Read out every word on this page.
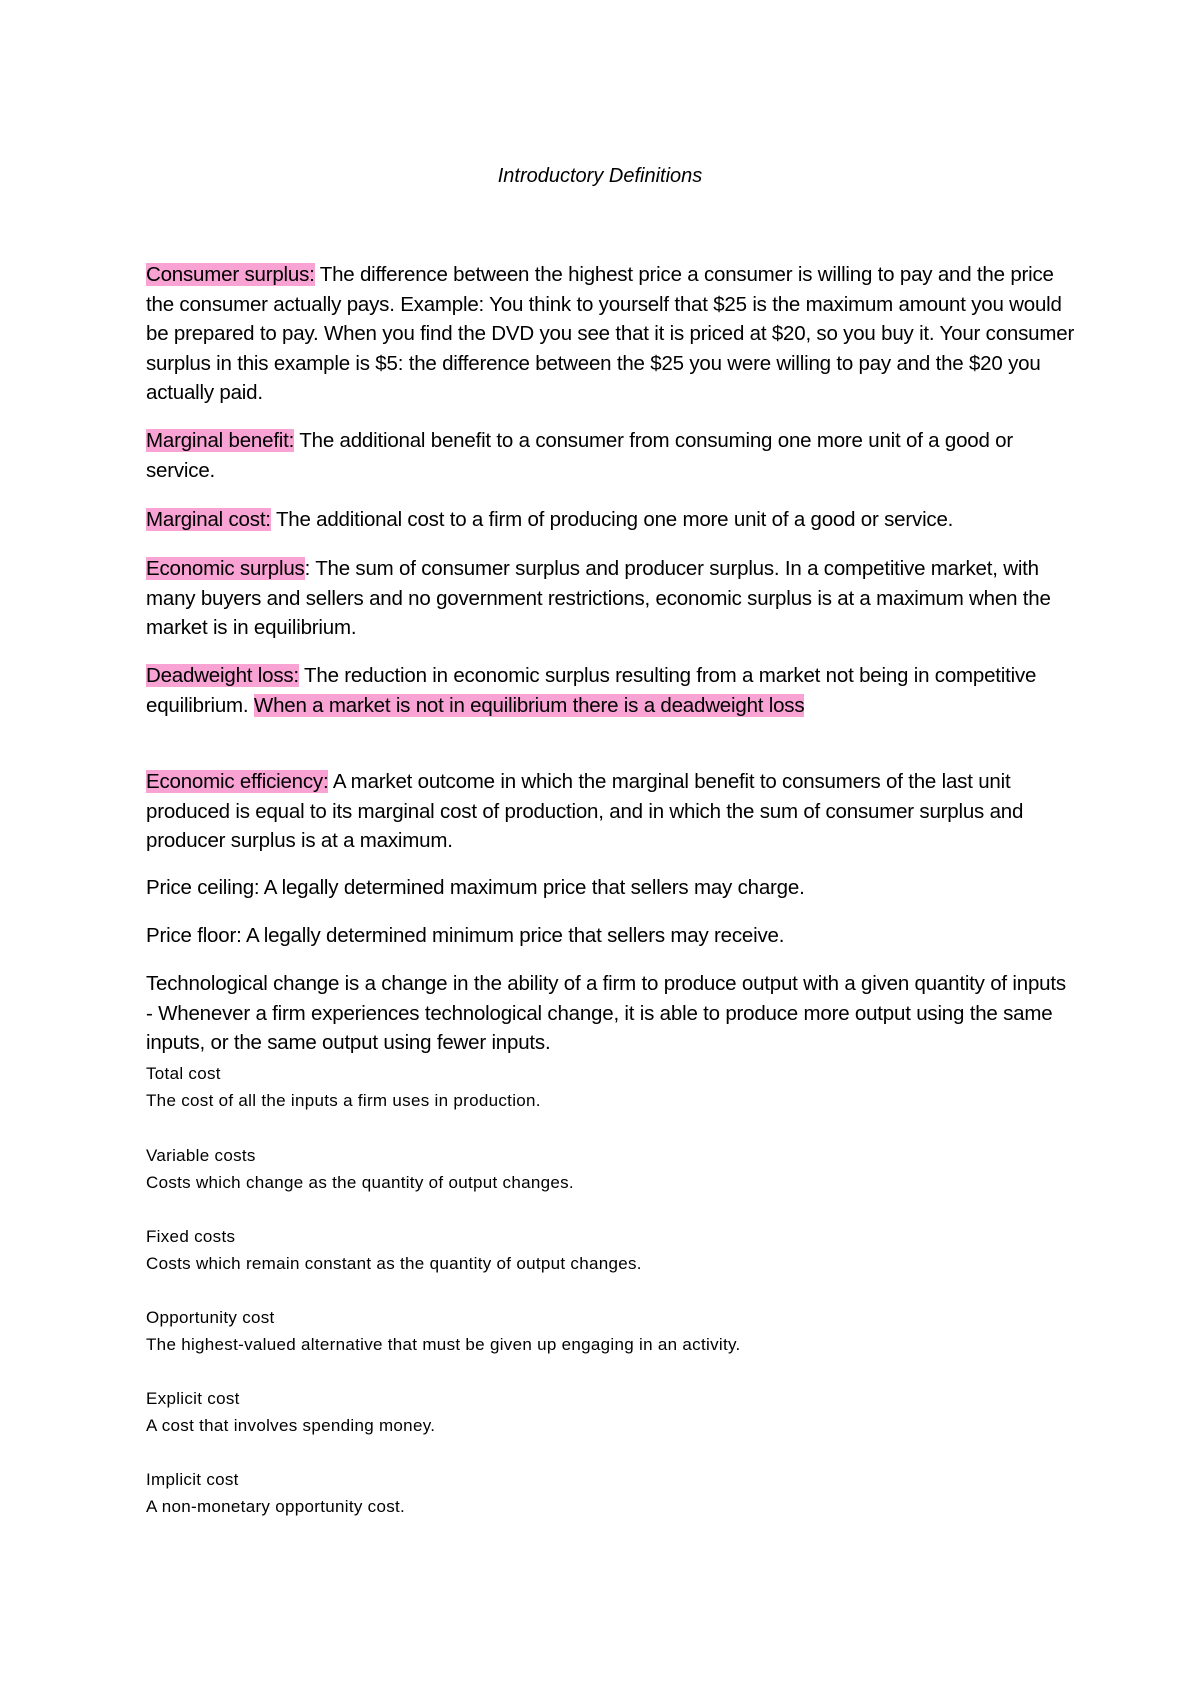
Introductory Definitions
Consumer surplus: The difference between the highest price a consumer is willing to pay and the price the consumer actually pays. Example: You think to yourself that $25 is the maximum amount you would be prepared to pay. When you find the DVD you see that it is priced at $20, so you buy it. Your consumer surplus in this example is $5: the difference between the $25 you were willing to pay and the $20 you actually paid.
Marginal benefit: The additional benefit to a consumer from consuming one more unit of a good or service.
Marginal cost: The additional cost to a firm of producing one more unit of a good or service.
Economic surplus: The sum of consumer surplus and producer surplus. In a competitive market, with many buyers and sellers and no government restrictions, economic surplus is at a maximum when the market is in equilibrium.
Deadweight loss: The reduction in economic surplus resulting from a market not being in competitive equilibrium. When a market is not in equilibrium there is a deadweight loss
Economic efficiency: A market outcome in which the marginal benefit to consumers of the last unit produced is equal to its marginal cost of production, and in which the sum of consumer surplus and producer surplus is at a maximum.
Price ceiling: A legally determined maximum price that sellers may charge.
Price floor: A legally determined minimum price that sellers may receive.
Technological change is a change in the ability of a firm to produce output with a given quantity of inputs - Whenever a firm experiences technological change, it is able to produce more output using the same inputs, or the same output using fewer inputs.
Total cost
The cost of all the inputs a firm uses in production.
Variable costs
Costs which change as the quantity of output changes.
Fixed costs
Costs which remain constant as the quantity of output changes.
Opportunity cost
The highest-valued alternative that must be given up engaging in an activity.
Explicit cost
A cost that involves spending money.
Implicit cost
A non-monetary opportunity cost.
